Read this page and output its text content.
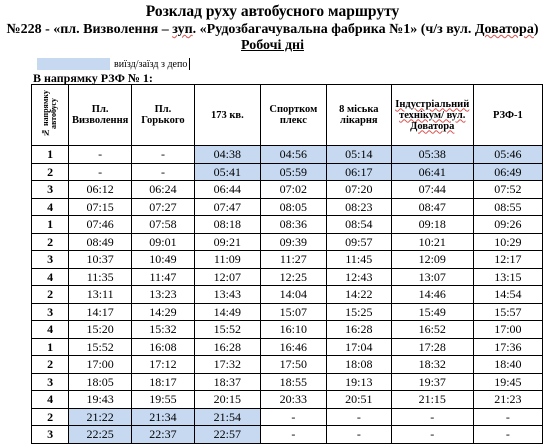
Розклад руху автобусного маршруту
№228 - «пл. Визволення – зуп. «Рудозбагачувальна фабрика №1» (ч/з вул. Доватора)
Робочі дні
виїзд/заїзд з депо
В напрямку РЗФ № 1:
№ напрямку автобусу	Пл. Визволення	Пл. Горького	173 кв.	Спортком плекс	8 міська лікарня	Індустріальний технікум/ вул. Доватора	РЗФ-1
1	-	-	04:38	04:56	05:14	05:38	05:46
2	-	-	05:41	05:59	06:17	06:41	06:49
3	06:12	06:24	06:44	07:02	07:20	07:44	07:52
4	07:15	07:27	07:47	08:05	08:23	08:47	08:55
1	07:46	07:58	08:18	08:36	08:54	09:18	09:26
2	08:49	09:01	09:21	09:39	09:57	10:21	10:29
3	10:37	10:49	11:09	11:27	11:45	12:09	12:17
4	11:35	11:47	12:07	12:25	12:43	13:07	13:15
2	13:11	13:23	13:43	14:04	14:22	14:46	14:54
3	14:17	14:29	14:49	15:07	15:25	15:49	15:57
4	15:20	15:32	15:52	16:10	16:28	16:52	17:00
1	15:52	16:08	16:28	16:46	17:04	17:28	17:36
2	17:00	17:12	17:32	17:50	18:08	18:32	18:40
3	18:05	18:17	18:37	18:55	19:13	19:37	19:45
4	19:43	19:55	20:15	20:33	20:51	21:15	21:23
2	21:22	21:34	21:54	-	-	-	-
3	22:25	22:37	22:57	-	-	-	-
